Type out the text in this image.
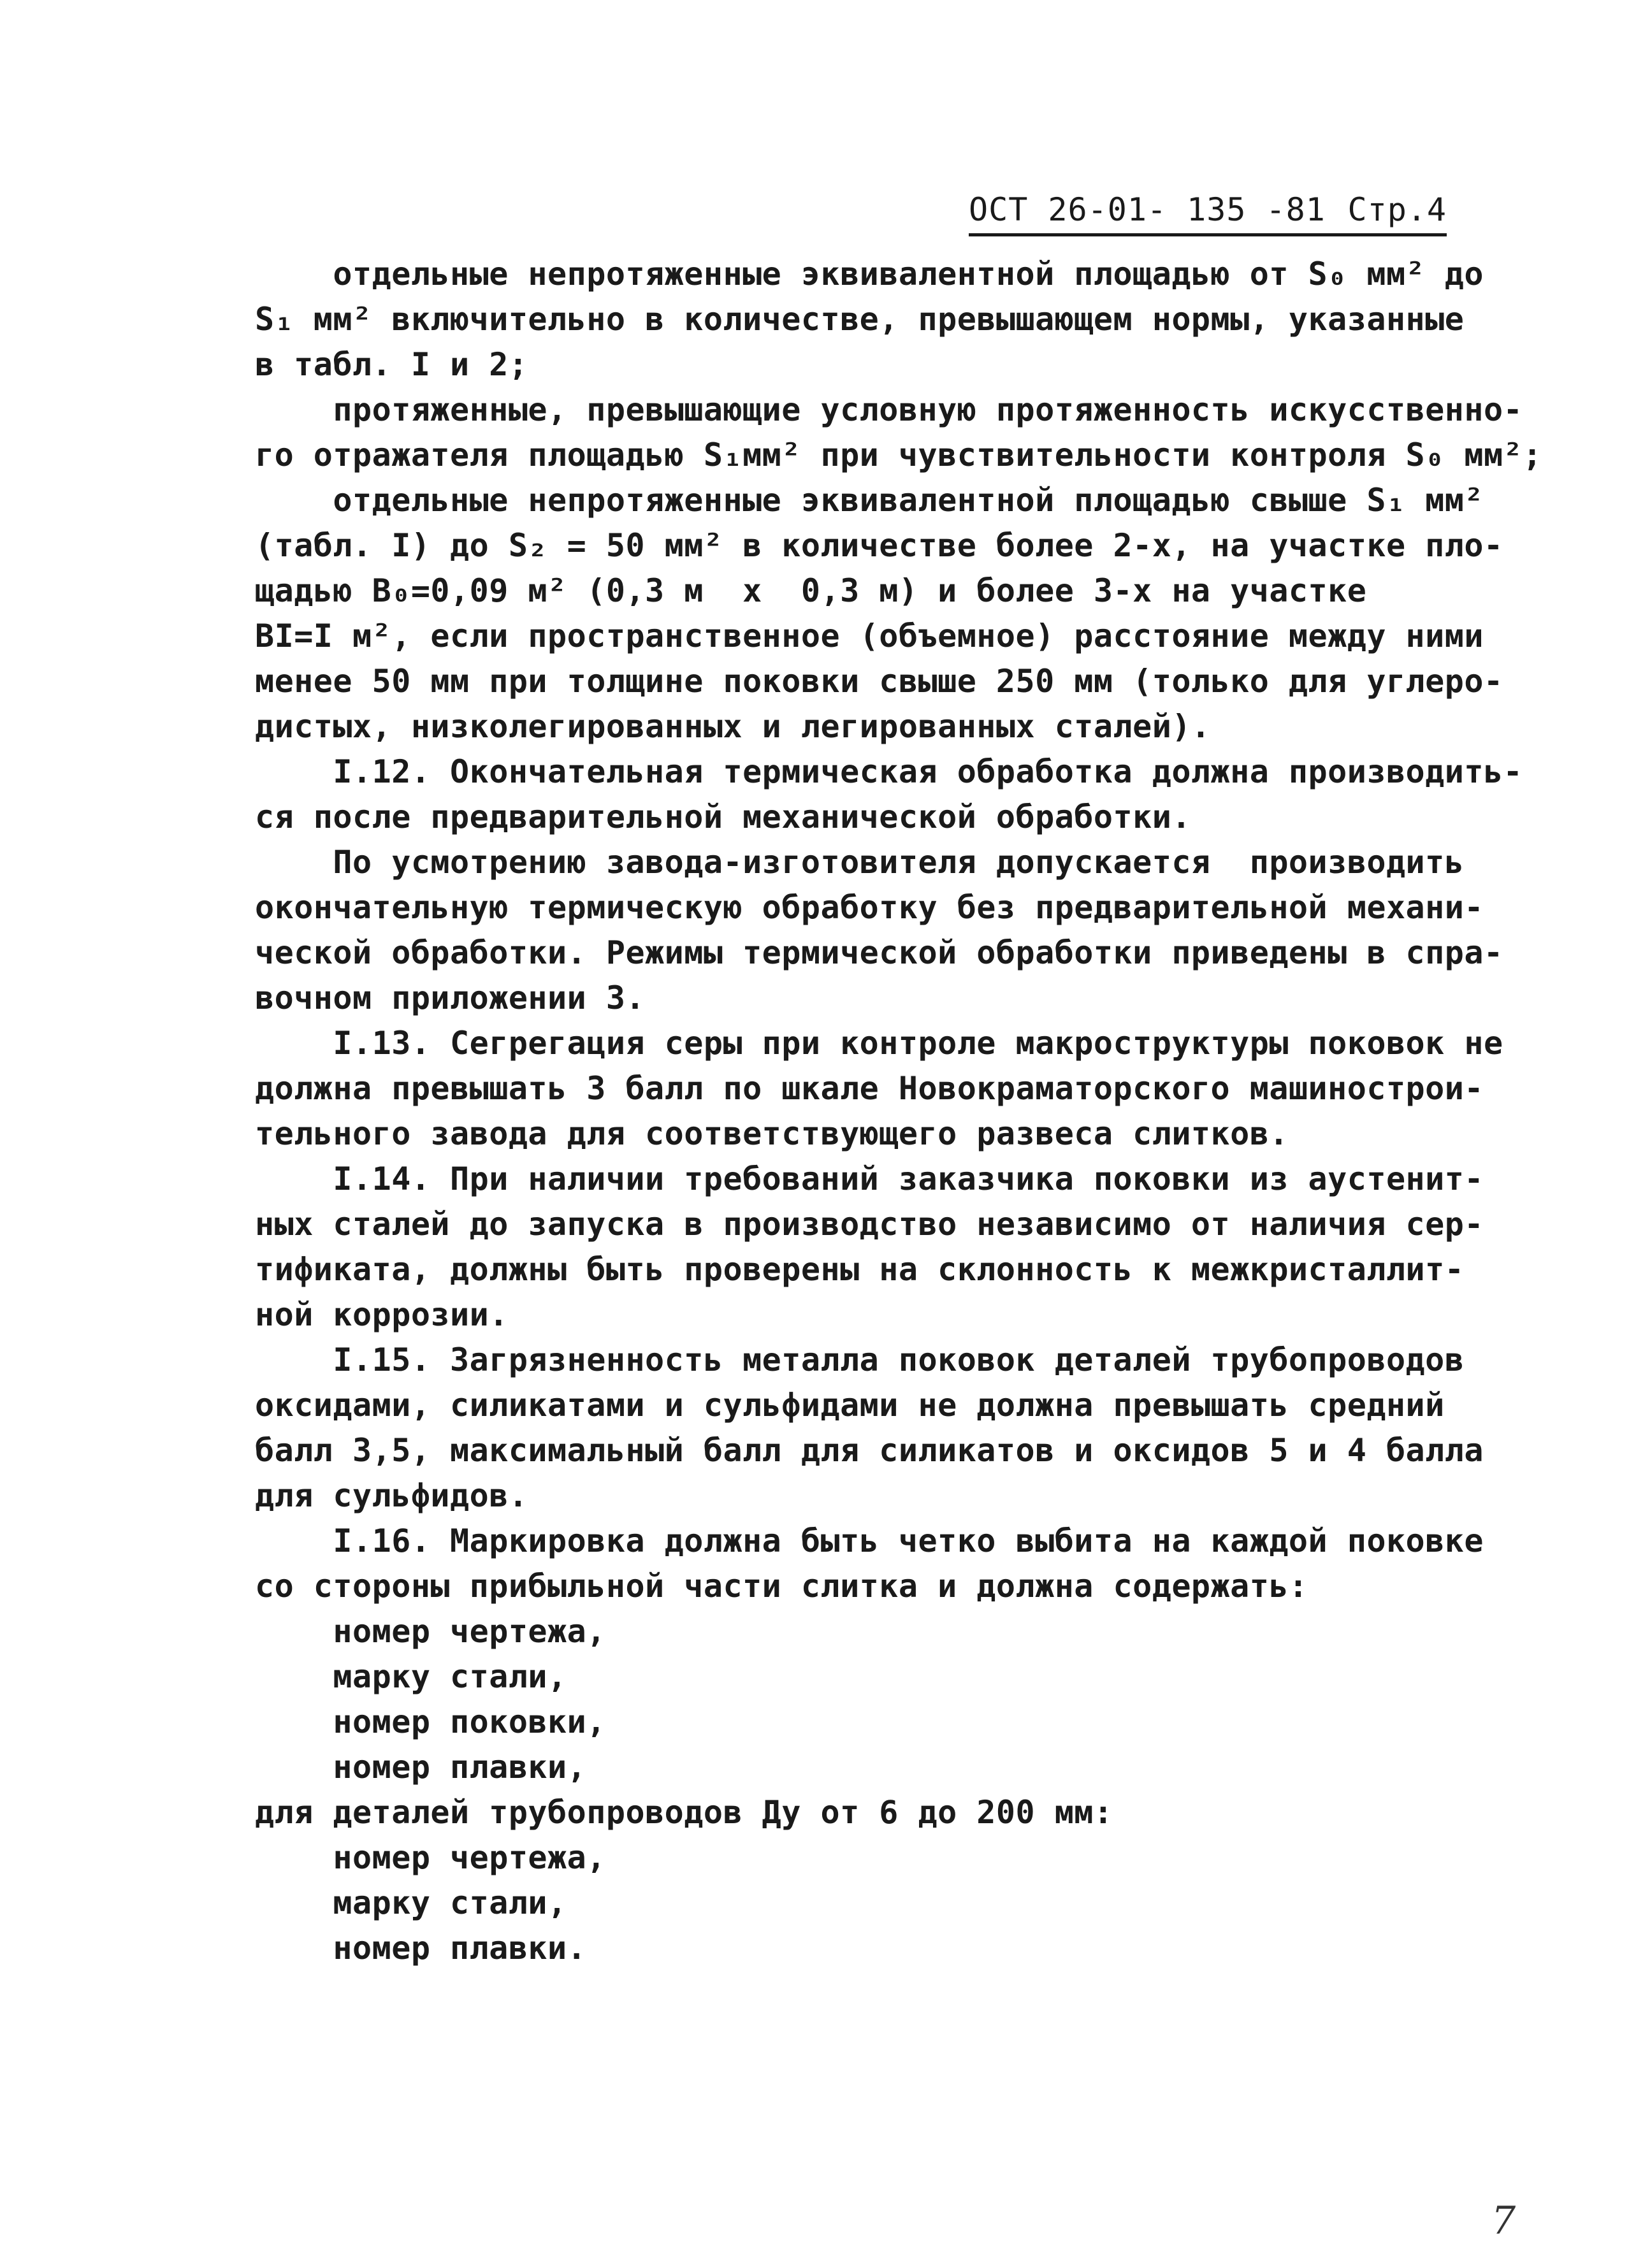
ОСТ 26-01- 135 -81 Стр.4
отдельные непротяженные эквивалентной площадью от S₀ мм² до
S₁ мм² включительно в количестве, превышающем нормы, указанные
в табл. I и 2;
протяженные, превышающие условную протяженность искусственно-
го отражателя площадью S₁мм² при чувствительности контроля S₀ мм²;
отдельные непротяженные эквивалентной площадью свыше S₁ мм²
(табл. I) до S₂ = 50 мм² в количестве более 2-х, на участке пло-
щадью B₀=0,09 м² (0,3 м  х  0,3 м) и более 3-х на участке
BI=I м², если пространственное (объемное) расстояние между ними
менее 50 мм при толщине поковки свыше 250 мм (только для углеро-
дистых, низколегированных и легированных сталей).
I.12. Окончательная термическая обработка должна производить-
ся после предварительной механической обработки.
По усмотрению завода-изготовителя допускается  производить
окончательную термическую обработку без предварительной механи-
ческой обработки. Режимы термической обработки приведены в спра-
вочном приложении 3.
I.13. Сегрегация серы при контроле макроструктуры поковок не
должна превышать 3 балл по шкале Новокраматорского машинострои-
тельного завода для соответствующего развеса слитков.
I.14. При наличии требований заказчика поковки из аустенит-
ных сталей до запуска в производство независимо от наличия сер-
тификата, должны быть проверены на склонность к межкристаллит-
ной коррозии.
I.15. Загрязненность металла поковок деталей трубопроводов
оксидами, силикатами и сульфидами не должна превышать средний
балл 3,5, максимальный балл для силикатов и оксидов 5 и 4 балла
для сульфидов.
I.16. Маркировка должна быть четко выбита на каждой поковке
со стороны прибыльной части слитка и должна содержать:
номер чертежа,
марку стали,
номер поковки,
номер плавки,
для деталей трубопроводов Ду от 6 до 200 мм:
номер чертежа,
марку стали,
номер плавки.
7
